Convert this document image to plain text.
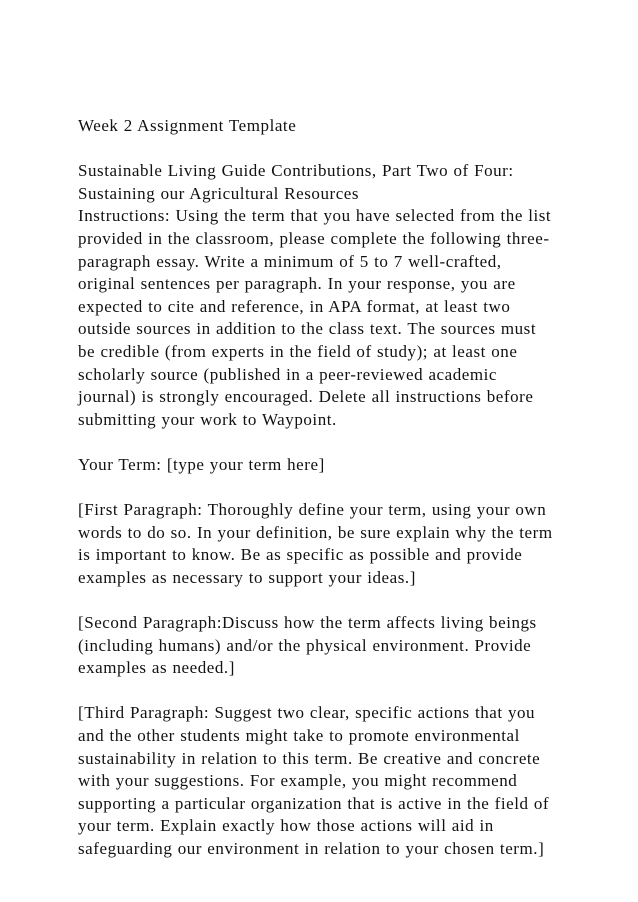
Week 2 Assignment Template

Sustainable Living Guide Contributions, Part Two of Four:

Sustaining our Agricultural Resources

Instructions: Using the term that you have selected from the list

provided in the classroom, please complete the following three-

paragraph essay. Write a minimum of 5 to 7 well-crafted,

original sentences per paragraph. In your response, you are

expected to cite and reference, in APA format, at least two

outside sources in addition to the class text. The sources must

be credible (from experts in the field of study); at least one

scholarly source (published in a peer-reviewed academic

journal) is strongly encouraged. Delete all instructions before

submitting your work to Waypoint.

Your Term: [type your term here]

[First Paragraph: Thoroughly define your term, using your own

words to do so. In your definition, be sure explain why the term

is important to know. Be as specific as possible and provide

examples as necessary to support your ideas.]

[Second Paragraph:Discuss how the term affects living beings

(including humans) and/or the physical environment. Provide

examples as needed.]

[Third Paragraph: Suggest two clear, specific actions that you

and the other students might take to promote environmental

sustainability in relation to this term. Be creative and concrete

with your suggestions. For example, you might recommend

supporting a particular organization that is active in the field of

your term. Explain exactly how those actions will aid in

safeguarding our environment in relation to your chosen term.]
